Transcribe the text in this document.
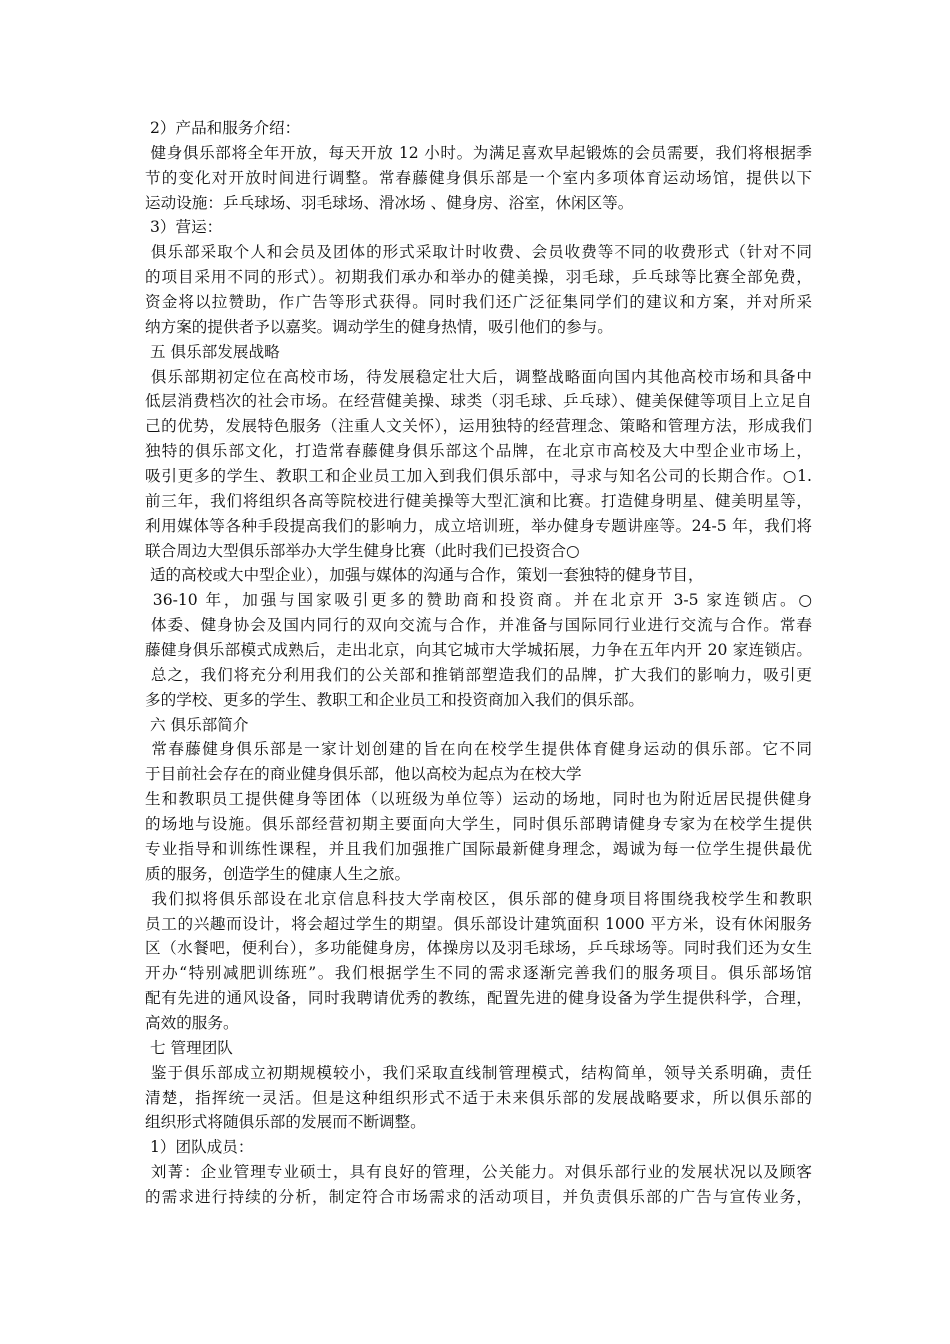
2）产品和服务介绍：
健身俱乐部将全年开放，每天开放 12 小时。为满足喜欢早起锻炼的会员需要，我们将根据季
节的变化对开放时间进行调整。常春藤健身俱乐部是一个室内多项体育运动场馆，提供以下
运动设施：乒乓球场、羽毛球场、滑冰场 、健身房、浴室，休闲区等。
3）营运：
俱乐部采取个人和会员及团体的形式采取计时收费、会员收费等不同的收费形式（针对不同
的项目采用不同的形式）。初期我们承办和举办的健美操，羽毛球，乒乓球等比赛全部免费，
资金将以拉赞助，作广告等形式获得。同时我们还广泛征集同学们的建议和方案，并对所采
纳方案的提供者予以嘉奖。调动学生的健身热情，吸引他们的参与。
五 俱乐部发展战略
俱乐部期初定位在高校市场，待发展稳定壮大后，调整战略面向国内其他高校市场和具备中
低层消费档次的社会市场。在经营健美操、球类（羽毛球、乒乓球）、健美保健等项目上立足自
己的优势，发展特色服务（注重人文关怀），运用独特的经营理念、策略和管理方法，形成我们
独特的俱乐部文化，打造常春藤健身俱乐部这个品牌，在北京市高校及大中型企业市场上，
吸引更多的学生、教职工和企业员工加入到我们俱乐部中，寻求与知名公司的长期合作。○1.
前三年，我们将组织各高等院校进行健美操等大型汇演和比赛。打造健身明星、健美明星等，
利用媒体等各种手段提高我们的影响力，成立培训班，举办健身专题讲座等。24-5 年，我们将
联合周边大型俱乐部举办大学生健身比赛（此时我们已投资合○
适的高校或大中型企业），加强与媒体的沟通与合作，策划一套独特的健身节目，
36-10 年，加强与国家吸引更多的赞助商和投资商。并在北京开 3-5 家连锁店。○
体委、健身协会及国内同行的双向交流与合作，并准备与国际同行业进行交流与合作。常春
藤健身俱乐部模式成熟后，走出北京，向其它城市大学城拓展，力争在五年内开 20 家连锁店。
总之，我们将充分利用我们的公关部和推销部塑造我们的品牌，扩大我们的影响力，吸引更
多的学校、更多的学生、教职工和企业员工和投资商加入我们的俱乐部。
六 俱乐部简介
常春藤健身俱乐部是一家计划创建的旨在向在校学生提供体育健身运动的俱乐部。它不同
于目前社会存在的商业健身俱乐部，他以高校为起点为在校大学
生和教职员工提供健身等团体（以班级为单位等）运动的场地，同时也为附近居民提供健身
的场地与设施。俱乐部经营初期主要面向大学生，同时俱乐部聘请健身专家为在校学生提供
专业指导和训练性课程，并且我们加强推广国际最新健身理念，竭诚为每一位学生提供最优
质的服务，创造学生的健康人生之旅。
我们拟将俱乐部设在北京信息科技大学南校区，俱乐部的健身项目将围绕我校学生和教职
员工的兴趣而设计，将会超过学生的期望。俱乐部设计建筑面积 1000 平方米，设有休闲服务
区（水餐吧，便利台），多功能健身房，体操房以及羽毛球场，乒乓球场等。同时我们还为女生
开办“特别减肥训练班”。我们根据学生不同的需求逐渐完善我们的服务项目。俱乐部场馆
配有先进的通风设备，同时我聘请优秀的教练，配置先进的健身设备为学生提供科学，合理，
高效的服务。
七 管理团队
鉴于俱乐部成立初期规模较小，我们采取直线制管理模式，结构简单，领导关系明确，责任
清楚，指挥统一灵活。但是这种组织形式不适于未来俱乐部的发展战略要求，所以俱乐部的
组织形式将随俱乐部的发展而不断调整。
1）团队成员：
刘菁：企业管理专业硕士，具有良好的管理，公关能力。对俱乐部行业的发展状况以及顾客
的需求进行持续的分析，制定符合市场需求的活动项目，并负责俱乐部的广告与宣传业务，
